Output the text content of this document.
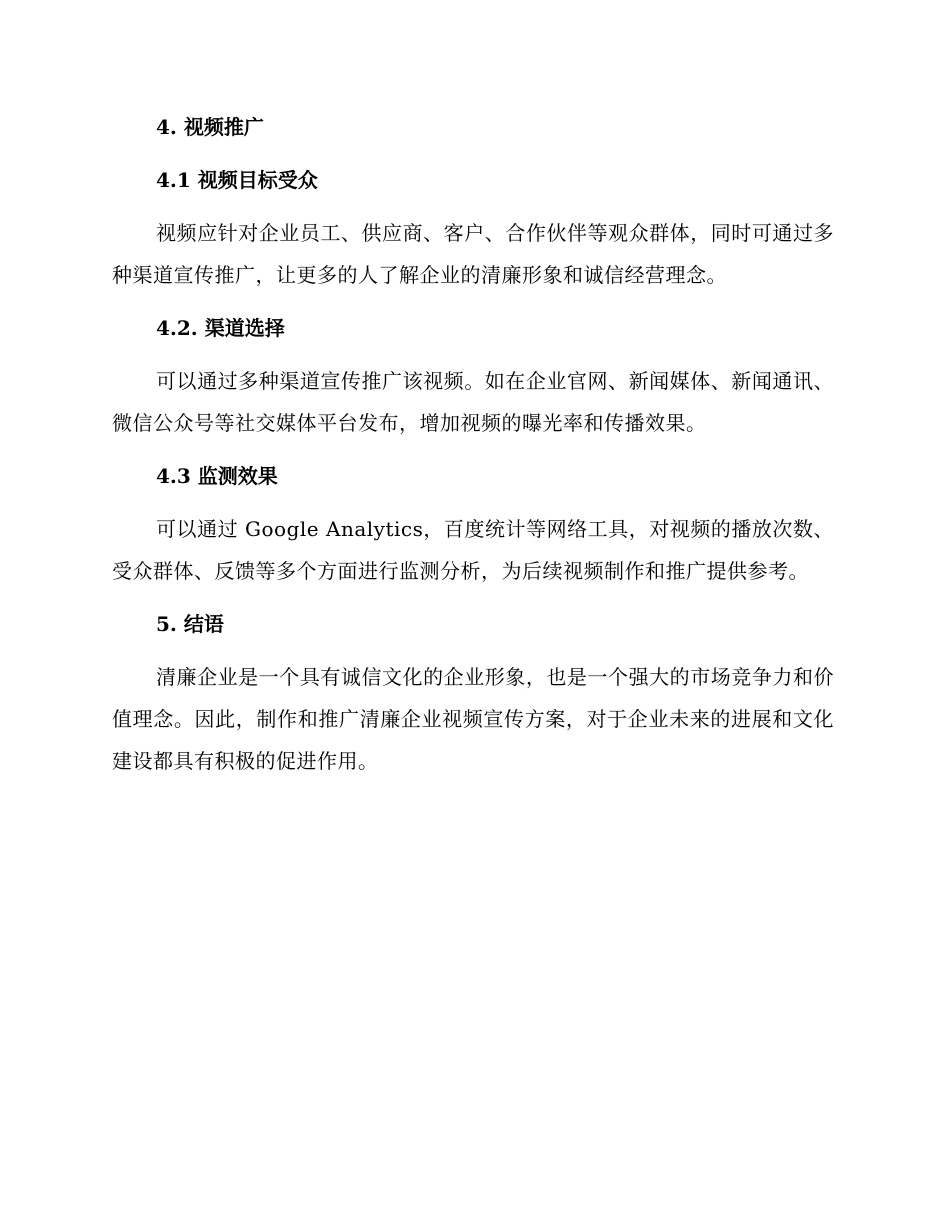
4. 视频推广
4.1 视频目标受众

视频应针对企业员工、供应商、客户、合作伙伴等观众群体，同时可通过多种渠道宣传推广，让更多的人了解企业的清廉形象和诚信经营理念。

4.2. 渠道选择

可以通过多种渠道宣传推广该视频。如在企业官网、新闻媒体、新闻通讯、微信公众号等社交媒体平台发布，增加视频的曝光率和传播效果。

4.3 监测效果

可以通过 Google Analytics，百度统计等网络工具，对视频的播放次数、受众群体、反馈等多个方面进行监测分析，为后续视频制作和推广提供参考。

5. 结语

清廉企业是一个具有诚信文化的企业形象，也是一个强大的市场竞争力和价值理念。因此，制作和推广清廉企业视频宣传方案，对于企业未来的进展和文化建设都具有积极的促进作用。
